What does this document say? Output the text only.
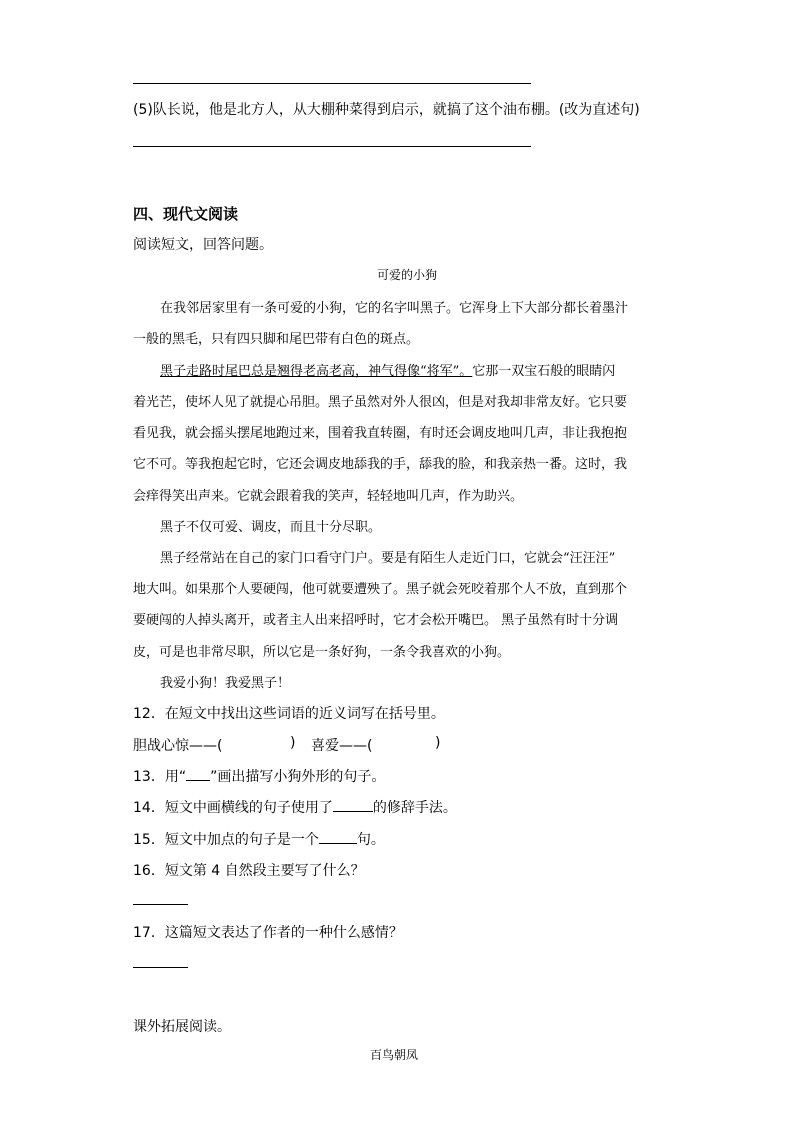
(5)队长说，他是北方人，从大棚种菜得到启示，就搞了这个油布棚。(改为直述句)
四、现代文阅读
阅读短文，回答问题。
可爱的小狗
在我邻居家里有一条可爱的小狗，它的名字叫黑子。它浑身上下大部分都长着墨汁
一般的黑毛，只有四只脚和尾巴带有白色的斑点。
黑子走路时尾巴总是翘得老高老高，神气得像“将军”。它那一双宝石般的眼睛闪
着光芒，使坏人见了就提心吊胆。黑子虽然对外人很凶，但是对我却非常友好。它只要
看见我，就会摇头摆尾地跑过来，围着我直转圈，有时还会调皮地叫几声，非让我抱抱
它不可。等我抱起它时，它还会调皮地舔我的手，舔我的脸，和我亲热一番。这时，我
会痒得笑出声来。它就会跟着我的笑声，轻轻地叫几声，作为助兴。
黑子不仅可爱、调皮，而且十分尽职。
黑子经常站在自己的家门口看守门户。要是有陌生人走近门口，它就会“汪汪汪”
地大叫。如果那个人要硬闯，他可就要遭殃了。黑子就会死咬着那个人不放，直到那个
要硬闯的人掉头离开，或者主人出来招呼时，它才会松开嘴巴。 黑子虽然有时十分调
皮，可是也非常尽职，所以它是一条好狗，一条令我喜欢的小狗。
我爱小狗！我爱黑子！
12．在短文中找出这些词语的近义词写在括号里。
胆战心惊——(	) 喜爱——(	)
13．用“ ”画出描写小狗外形的句子。
14．短文中画横线的句子使用了	的修辞手法。
15．短文中加点的句子是一个	句。
16．短文第 4 自然段主要写了什么？
17．这篇短文表达了作者的一种什么感情？
课外拓展阅读。
百鸟朝凤
